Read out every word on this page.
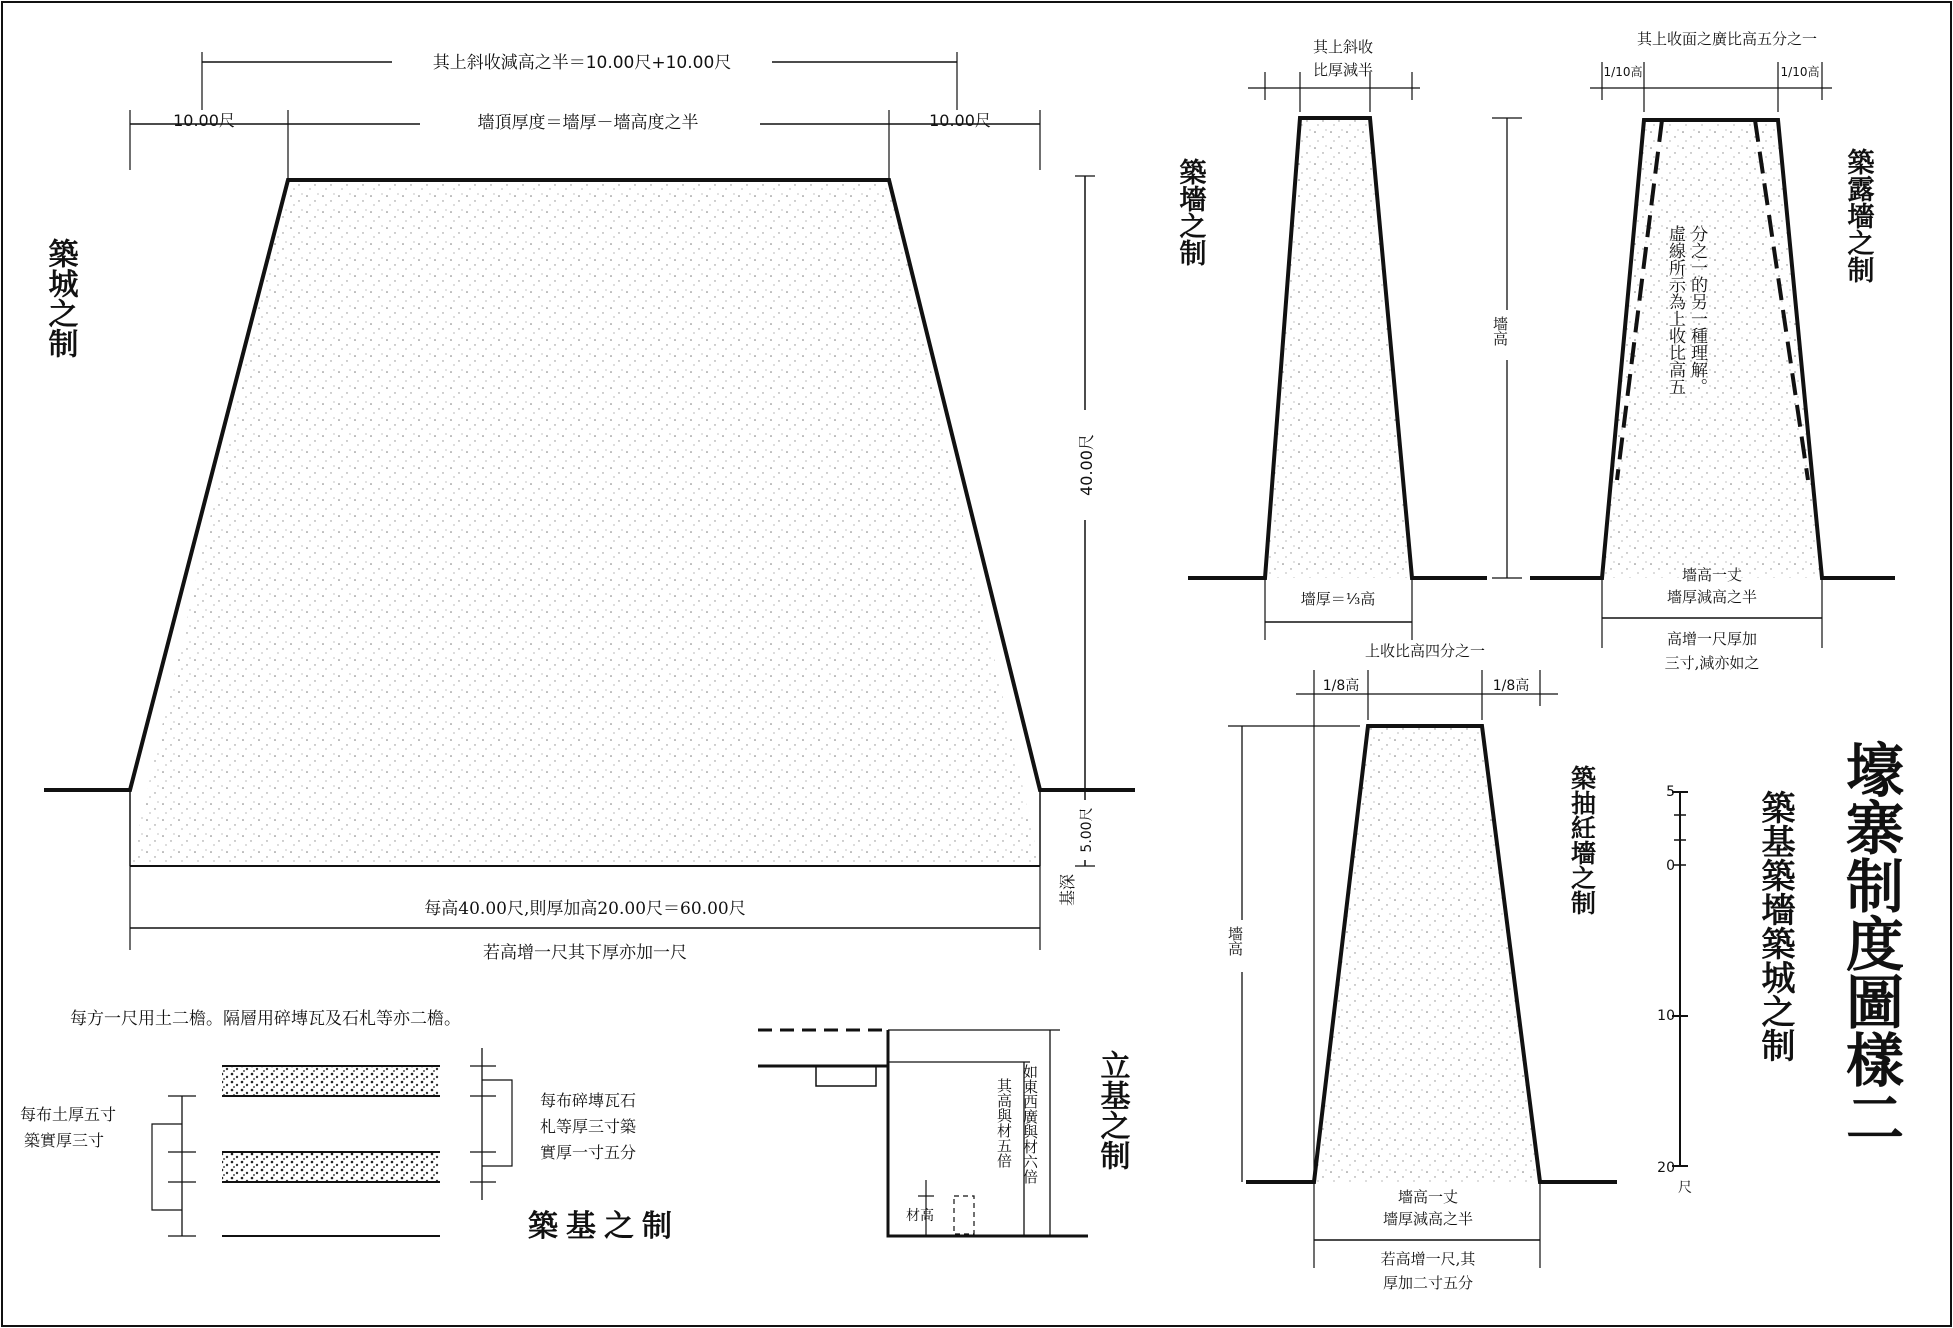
其上斜收減高之半＝10.00尺+10.00尺
10.00尺	10.00尺
墻頂厚度＝墻厚－墻高度之半
40.00尺
5.00尺
基深
每高40.00尺,則厚加高20.00尺＝60.00尺
若高增一尺其下厚亦加一尺
築城之制
墻厚＝⅓高
其上斜收
比厚減半
墻高
築墻之制
其上收面之廣比高五分之一
1/10高	1/10高
分之一的另一種理解。
虛線所示為上收比高五
墻高一丈
墻厚減高之半
高增一尺厚加
三寸,減亦如之
築露墻之制
上收比高四分之一
1/8高	1/8高
墻高
墻高一丈
墻厚減高之半
若高增一尺,其
厚加二寸五分
築抽紝墻之制	5
0
10
20
尺
壕寨制度圖樣二
築基築墻築城之制
每方一尺用土二檐。隔層用碎塼瓦及石札等亦二檐。
每布土厚五寸
築實厚三寸
每布碎塼瓦石
札等厚三寸築
實厚一寸五分
築基之制
如東西廣與材六倍
其高與材五倍
材高
立基之制
